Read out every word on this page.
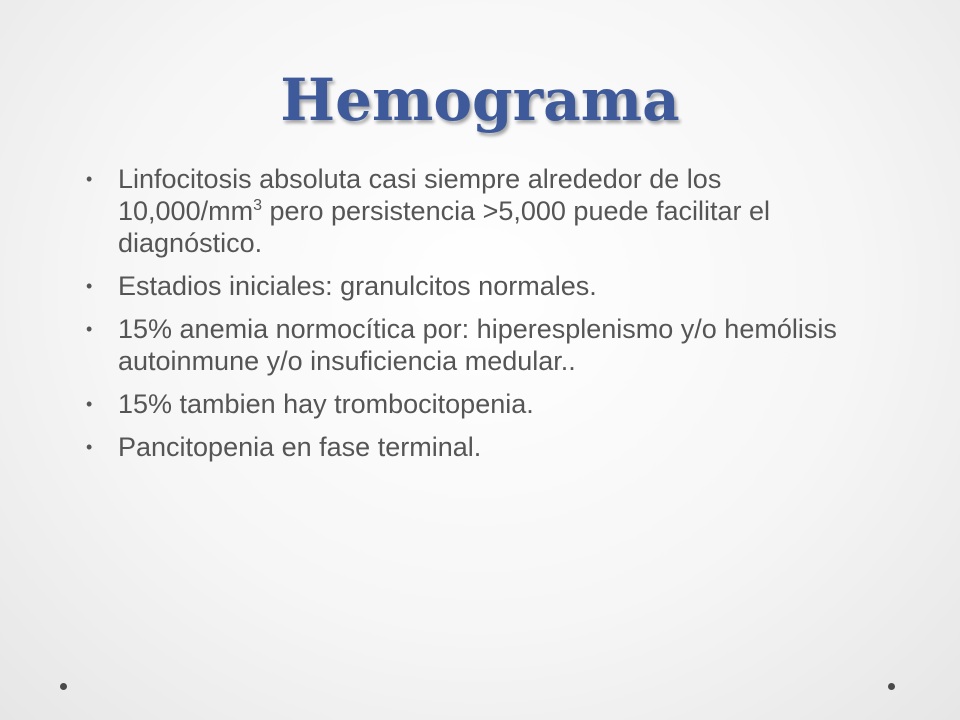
Hemograma
• Linfocitosis absoluta casi siempre alrededor de los $10,000/mm^3$ pero persistencia >5,000 puede facilitar el diagnóstico.
• Estadios iniciales: granulcitos normales.
• 15% anemia normocítica por: hiperesplenismo y/o hemólisis autoinmune y/o insuficiencia medular..
• 15% tambien hay trombocitopenia.
• Pancitopenia en fase terminal.
